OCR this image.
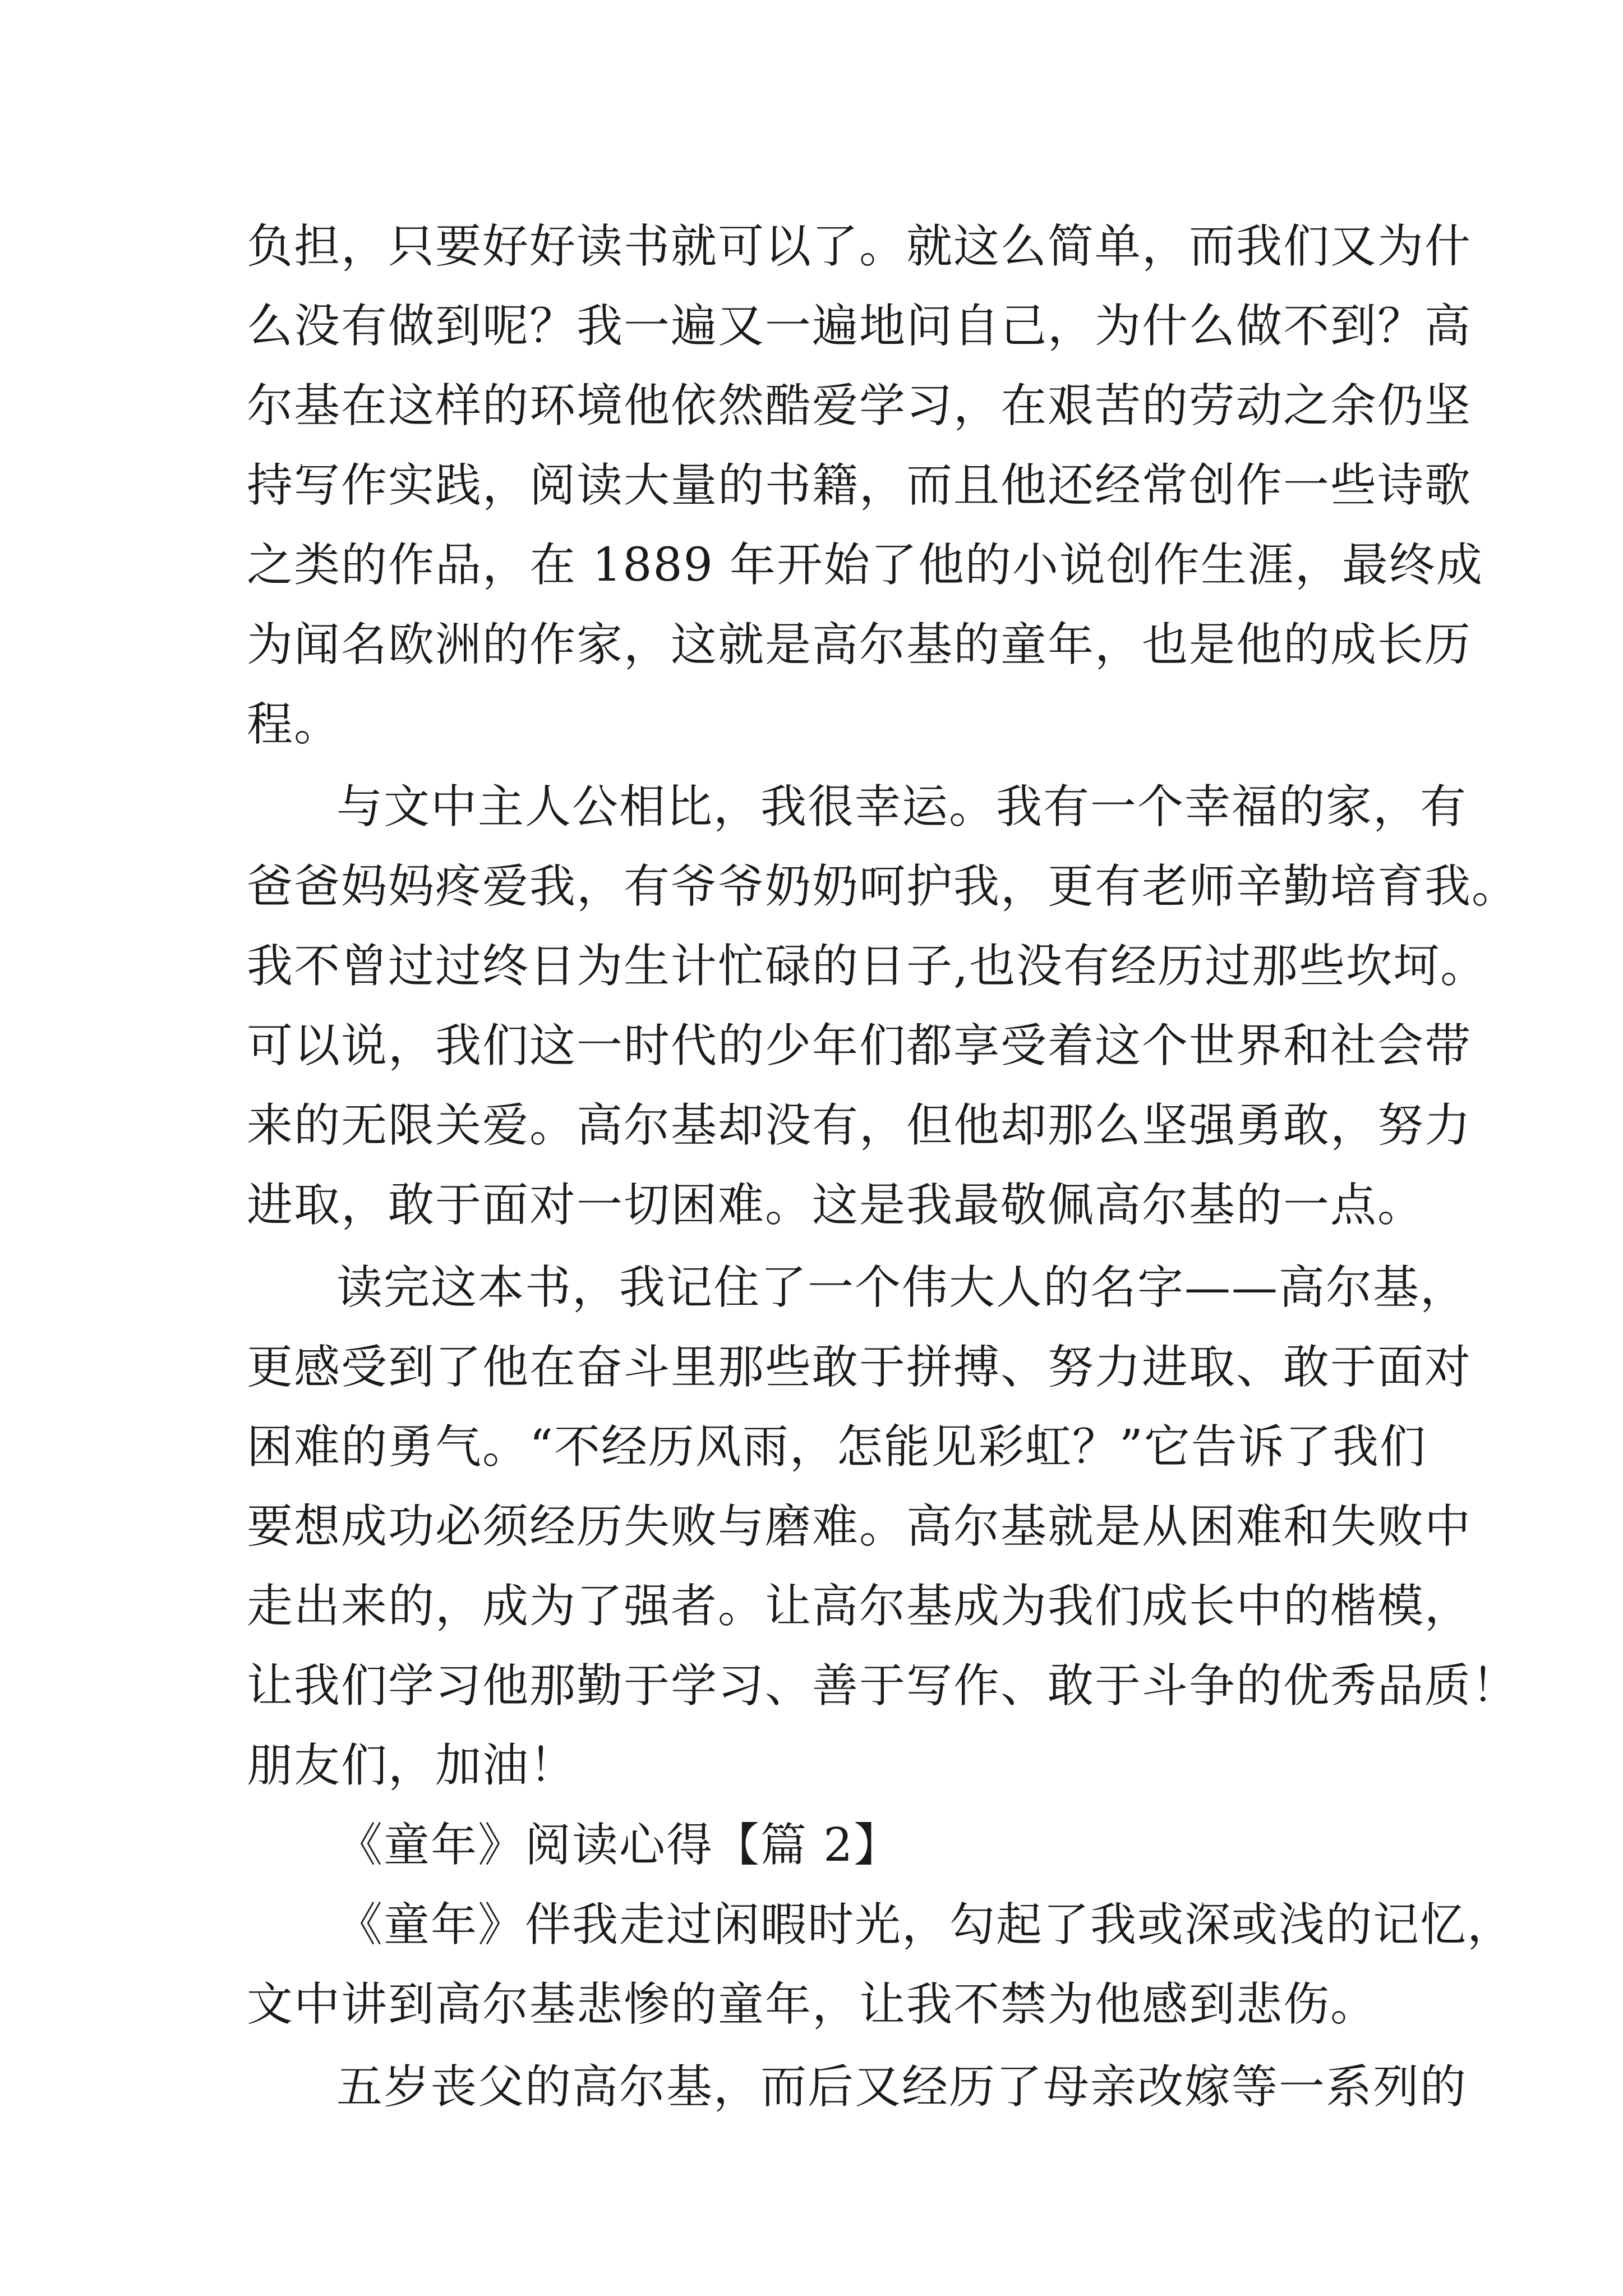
负担，只要好好读书就可以了。就这么简单，而我们又为什
么没有做到呢？我一遍又一遍地问自己，为什么做不到？高
尔基在这样的环境他依然酷爱学习，在艰苦的劳动之余仍坚
持写作实践，阅读大量的书籍，而且他还经常创作一些诗歌
之类的作品，在 1889 年开始了他的小说创作生涯，最终成
为闻名欧洲的作家，这就是高尔基的童年，也是他的成长历
程。
与文中主人公相比，我很幸运。我有一个幸福的家，有
爸爸妈妈疼爱我，有爷爷奶奶呵护我，更有老师辛勤培育我。
我不曾过过终日为生计忙碌的日子,也没有经历过那些坎坷。
可以说，我们这一时代的少年们都享受着这个世界和社会带
来的无限关爱。高尔基却没有，但他却那么坚强勇敢，努力
进取，敢于面对一切困难。这是我最敬佩高尔基的一点。
读完这本书，我记住了一个伟大人的名字——高尔基，
更感受到了他在奋斗里那些敢于拼搏、努力进取、敢于面对
困难的勇气。“不经历风雨，怎能见彩虹？”它告诉了我们
要想成功必须经历失败与磨难。高尔基就是从困难和失败中
走出来的，成为了强者。让高尔基成为我们成长中的楷模，
让我们学习他那勤于学习、善于写作、敢于斗争的优秀品质！
朋友们，加油！
《童年》阅读心得【篇 2】
《童年》伴我走过闲暇时光，勾起了我或深或浅的记忆，
文中讲到高尔基悲惨的童年，让我不禁为他感到悲伤。
五岁丧父的高尔基，而后又经历了母亲改嫁等一系列的
